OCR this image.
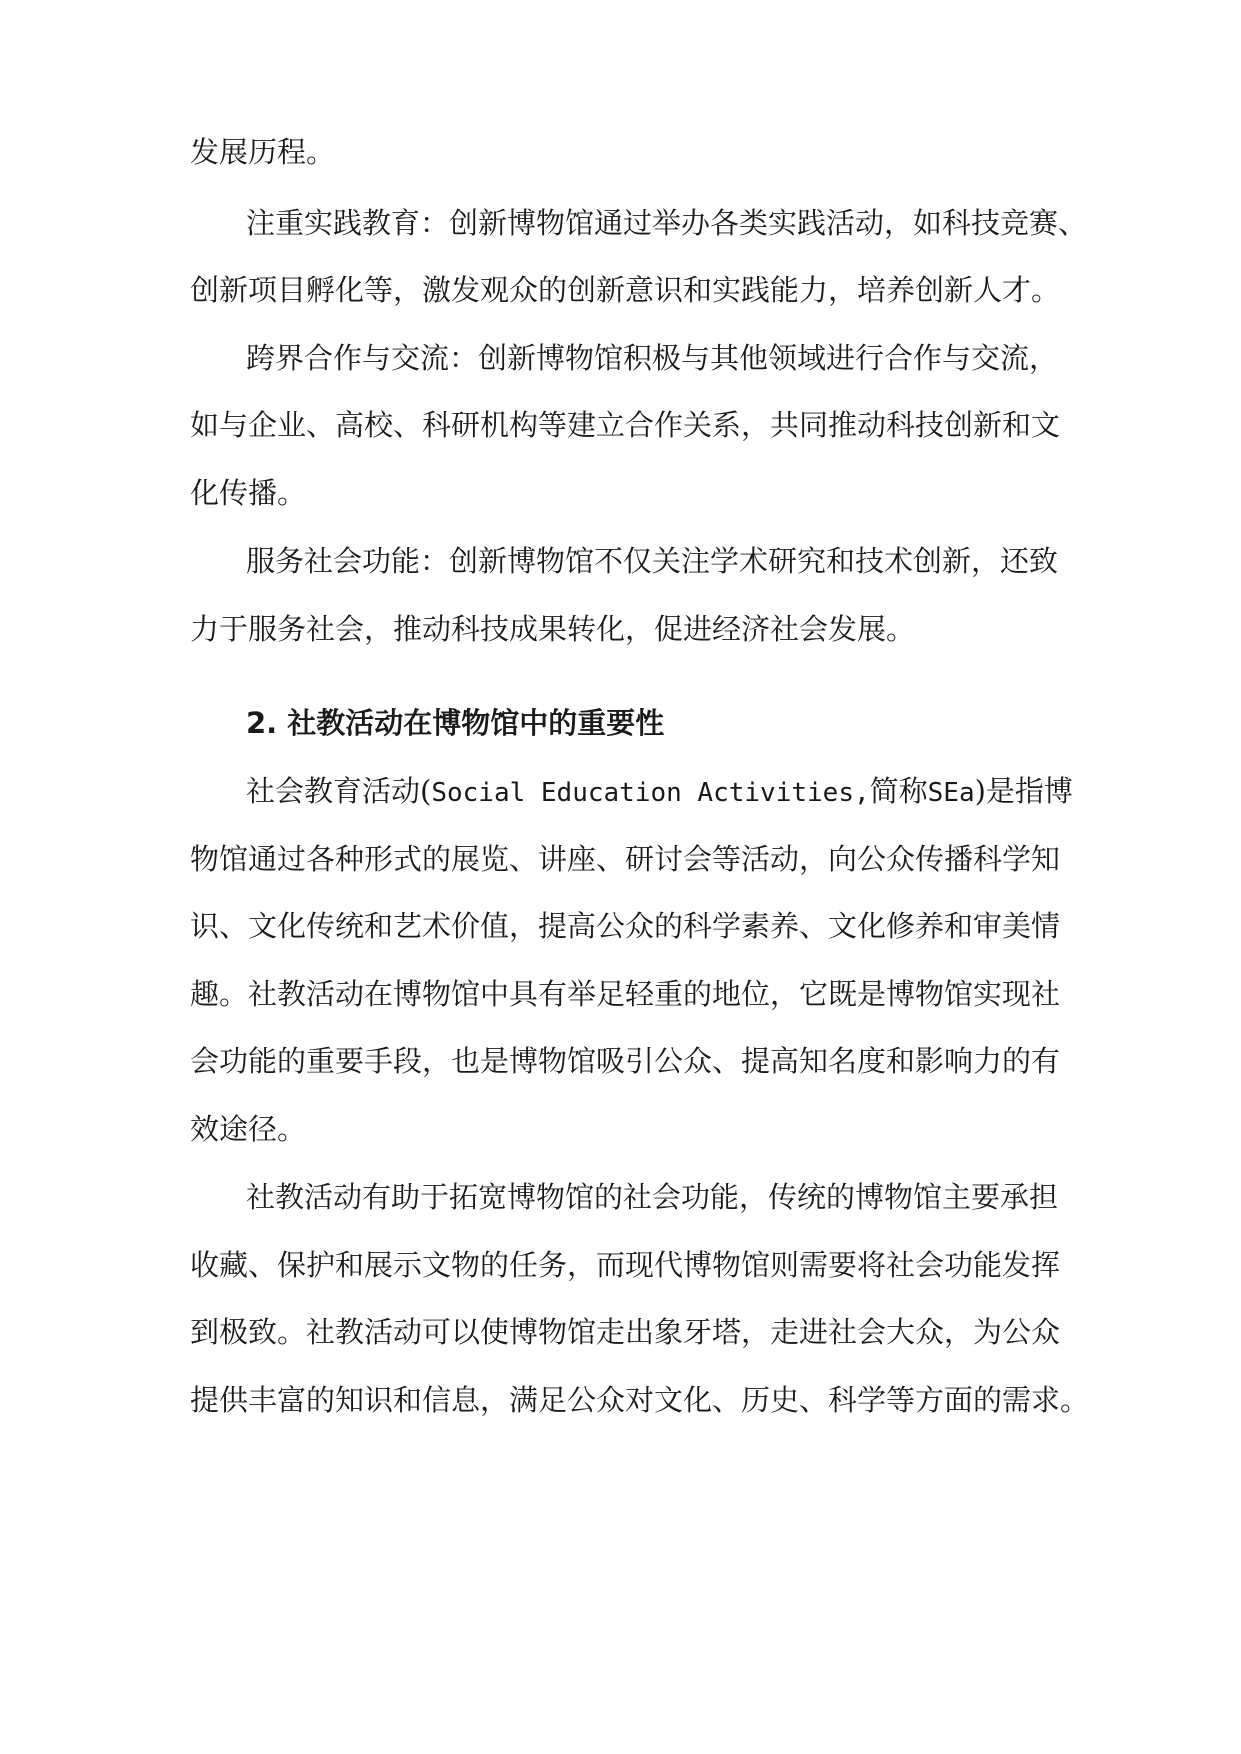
发展历程。

注重实践教育：创新博物馆通过举办各类实践活动，如科技竞赛、

创新项目孵化等，激发观众的创新意识和实践能力，培养创新人才。

跨界合作与交流：创新博物馆积极与其他领域进行合作与交流，

如与企业、高校、科研机构等建立合作关系，共同推动科技创新和文

化传播。

服务社会功能：创新博物馆不仅关注学术研究和技术创新，还致

力于服务社会，推动科技成果转化，促进经济社会发展。

2. 社教活动在博物馆中的重要性

社会教育活动(Social Education Activities,简称SEa)是指博

物馆通过各种形式的展览、讲座、研讨会等活动，向公众传播科学知

识、文化传统和艺术价值，提高公众的科学素养、文化修养和审美情

趣。社教活动在博物馆中具有举足轻重的地位，它既是博物馆实现社

会功能的重要手段，也是博物馆吸引公众、提高知名度和影响力的有

效途径。

社教活动有助于拓宽博物馆的社会功能，传统的博物馆主要承担

收藏、保护和展示文物的任务，而现代博物馆则需要将社会功能发挥

到极致。社教活动可以使博物馆走出象牙塔，走进社会大众，为公众

提供丰富的知识和信息，满足公众对文化、历史、科学等方面的需求。
